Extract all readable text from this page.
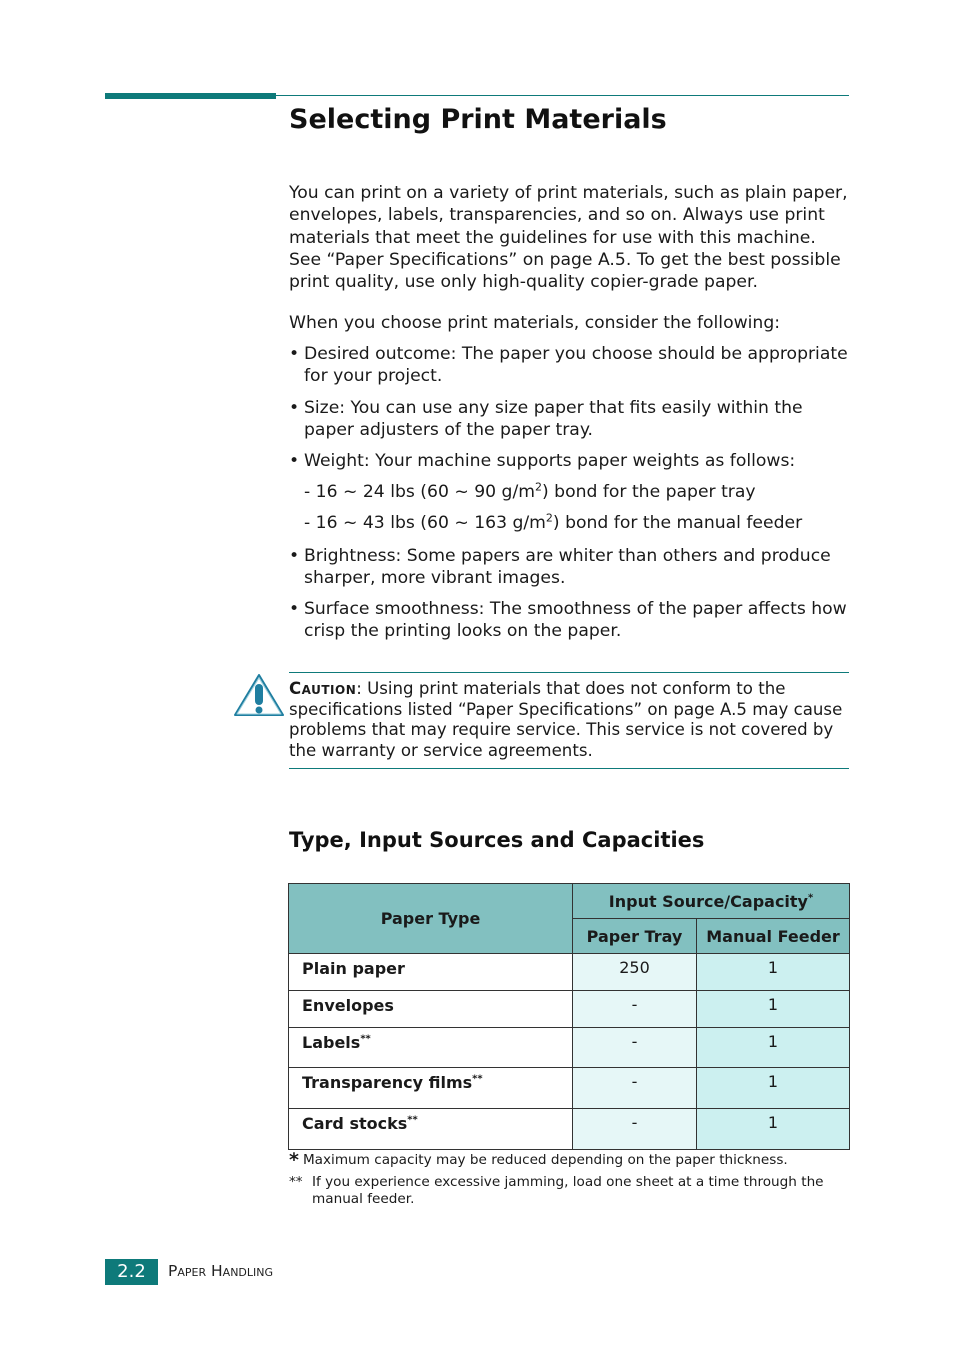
Selecting Print Materials

You can print on a variety of print materials, such as plain paper, envelopes, labels, transparencies, and so on. Always use print materials that meet the guidelines for use with this machine. See “Paper Specifications” on page A.5. To get the best possible print quality, use only high-quality copier-grade paper.

When you choose print materials, consider the following:

• Desired outcome: The paper you choose should be appropriate for your project.
• Size: You can use any size paper that fits easily within the paper adjusters of the paper tray.
• Weight: Your machine supports paper weights as follows:
- 16 ~ 24 lbs (60 ~ 90 $g/m^2$) bond for the paper tray
- 16 ~ 43 lbs (60 ~ 163 $g/m^2$) bond for the manual feeder
• Brightness: Some papers are whiter than others and produce sharper, more vibrant images.
• Surface smoothness: The smoothness of the paper affects how crisp the printing looks on the paper.
Caution: Using print materials that does not conform to the specifications listed “Paper Specifications” on page A.5 may cause problems that may require service. This service is not covered by the warranty or service agreements.
Type, Input Sources and Capacities
Paper Type	Input Source/Capacity*
	Paper Tray	Manual Feeder
Plain paper	250	1
Envelopes	-	1
Labels**	-	1
Transparency films**	-	1
Card stocks**	-	1
* Maximum capacity may be reduced depending on the paper thickness.
** If you experience excessive jamming, load one sheet at a time through the manual feeder.
2.2	Paper Handling
